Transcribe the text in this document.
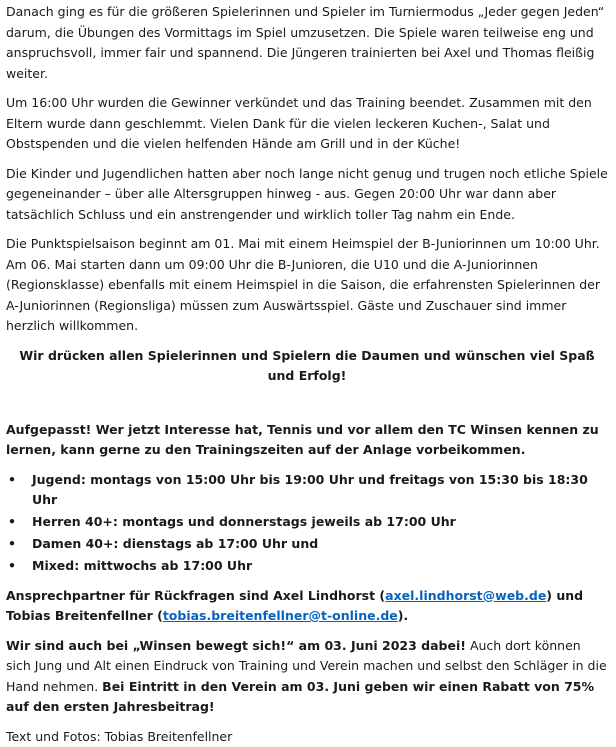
Danach ging es für die größeren Spielerinnen und Spieler im Turniermodus „Jeder gegen Jeden“ darum, die Übungen des Vormittags im Spiel umzusetzen. Die Spiele waren teilweise eng und anspruchsvoll, immer fair und spannend. Die Jüngeren trainierten bei Axel und Thomas fleißig weiter.

Um 16:00 Uhr wurden die Gewinner verkündet und das Training beendet. Zusammen mit den Eltern wurde dann geschlemmt. Vielen Dank für die vielen leckeren Kuchen-, Salat und Obstspenden und die vielen helfenden Hände am Grill und in der Küche!

Die Kinder und Jugendlichen hatten aber noch lange nicht genug und trugen noch etliche Spiele gegeneinander – über alle Altersgruppen hinweg - aus. Gegen 20:00 Uhr war dann aber tatsächlich Schluss und ein anstrengender und wirklich toller Tag nahm ein Ende.

Die Punktspielsaison beginnt am 01. Mai mit einem Heimspiel der B-Juniorinnen um 10:00 Uhr. Am 06. Mai starten dann um 09:00 Uhr die B-Junioren, die U10 und die A-Juniorinnen (Regionsklasse) ebenfalls mit einem Heimspiel in die Saison, die erfahrensten Spielerinnen der A-Juniorinnen (Regionsliga) müssen zum Auswärtsspiel. Gäste und Zuschauer sind immer herzlich willkommen.

Wir drücken allen Spielerinnen und Spielern die Daumen und wünschen viel Spaß und Erfolg!

Aufgepasst! Wer jetzt Interesse hat, Tennis und vor allem den TC Winsen kennen zu lernen, kann gerne zu den Trainingszeiten auf der Anlage vorbeikommen.

• Jugend: montags von 15:00 Uhr bis 19:00 Uhr und freitags von 15:30 bis 18:30 Uhr
• Herren 40+: montags und donnerstags jeweils ab 17:00 Uhr
• Damen 40+: dienstags ab 17:00 Uhr und
• Mixed: mittwochs ab 17:00 Uhr

Ansprechpartner für Rückfragen sind Axel Lindhorst (axel.lindhorst@web.de) und Tobias Breitenfellner (tobias.breitenfellner@t-online.de).

Wir sind auch bei „Winsen bewegt sich!“ am 03. Juni 2023 dabei! Auch dort können sich Jung und Alt einen Eindruck von Training und Verein machen und selbst den Schläger in die Hand nehmen. Bei Eintritt in den Verein am 03. Juni geben wir einen Rabatt von 75% auf den ersten Jahresbeitrag!

Text und Fotos: Tobias Breitenfellner
